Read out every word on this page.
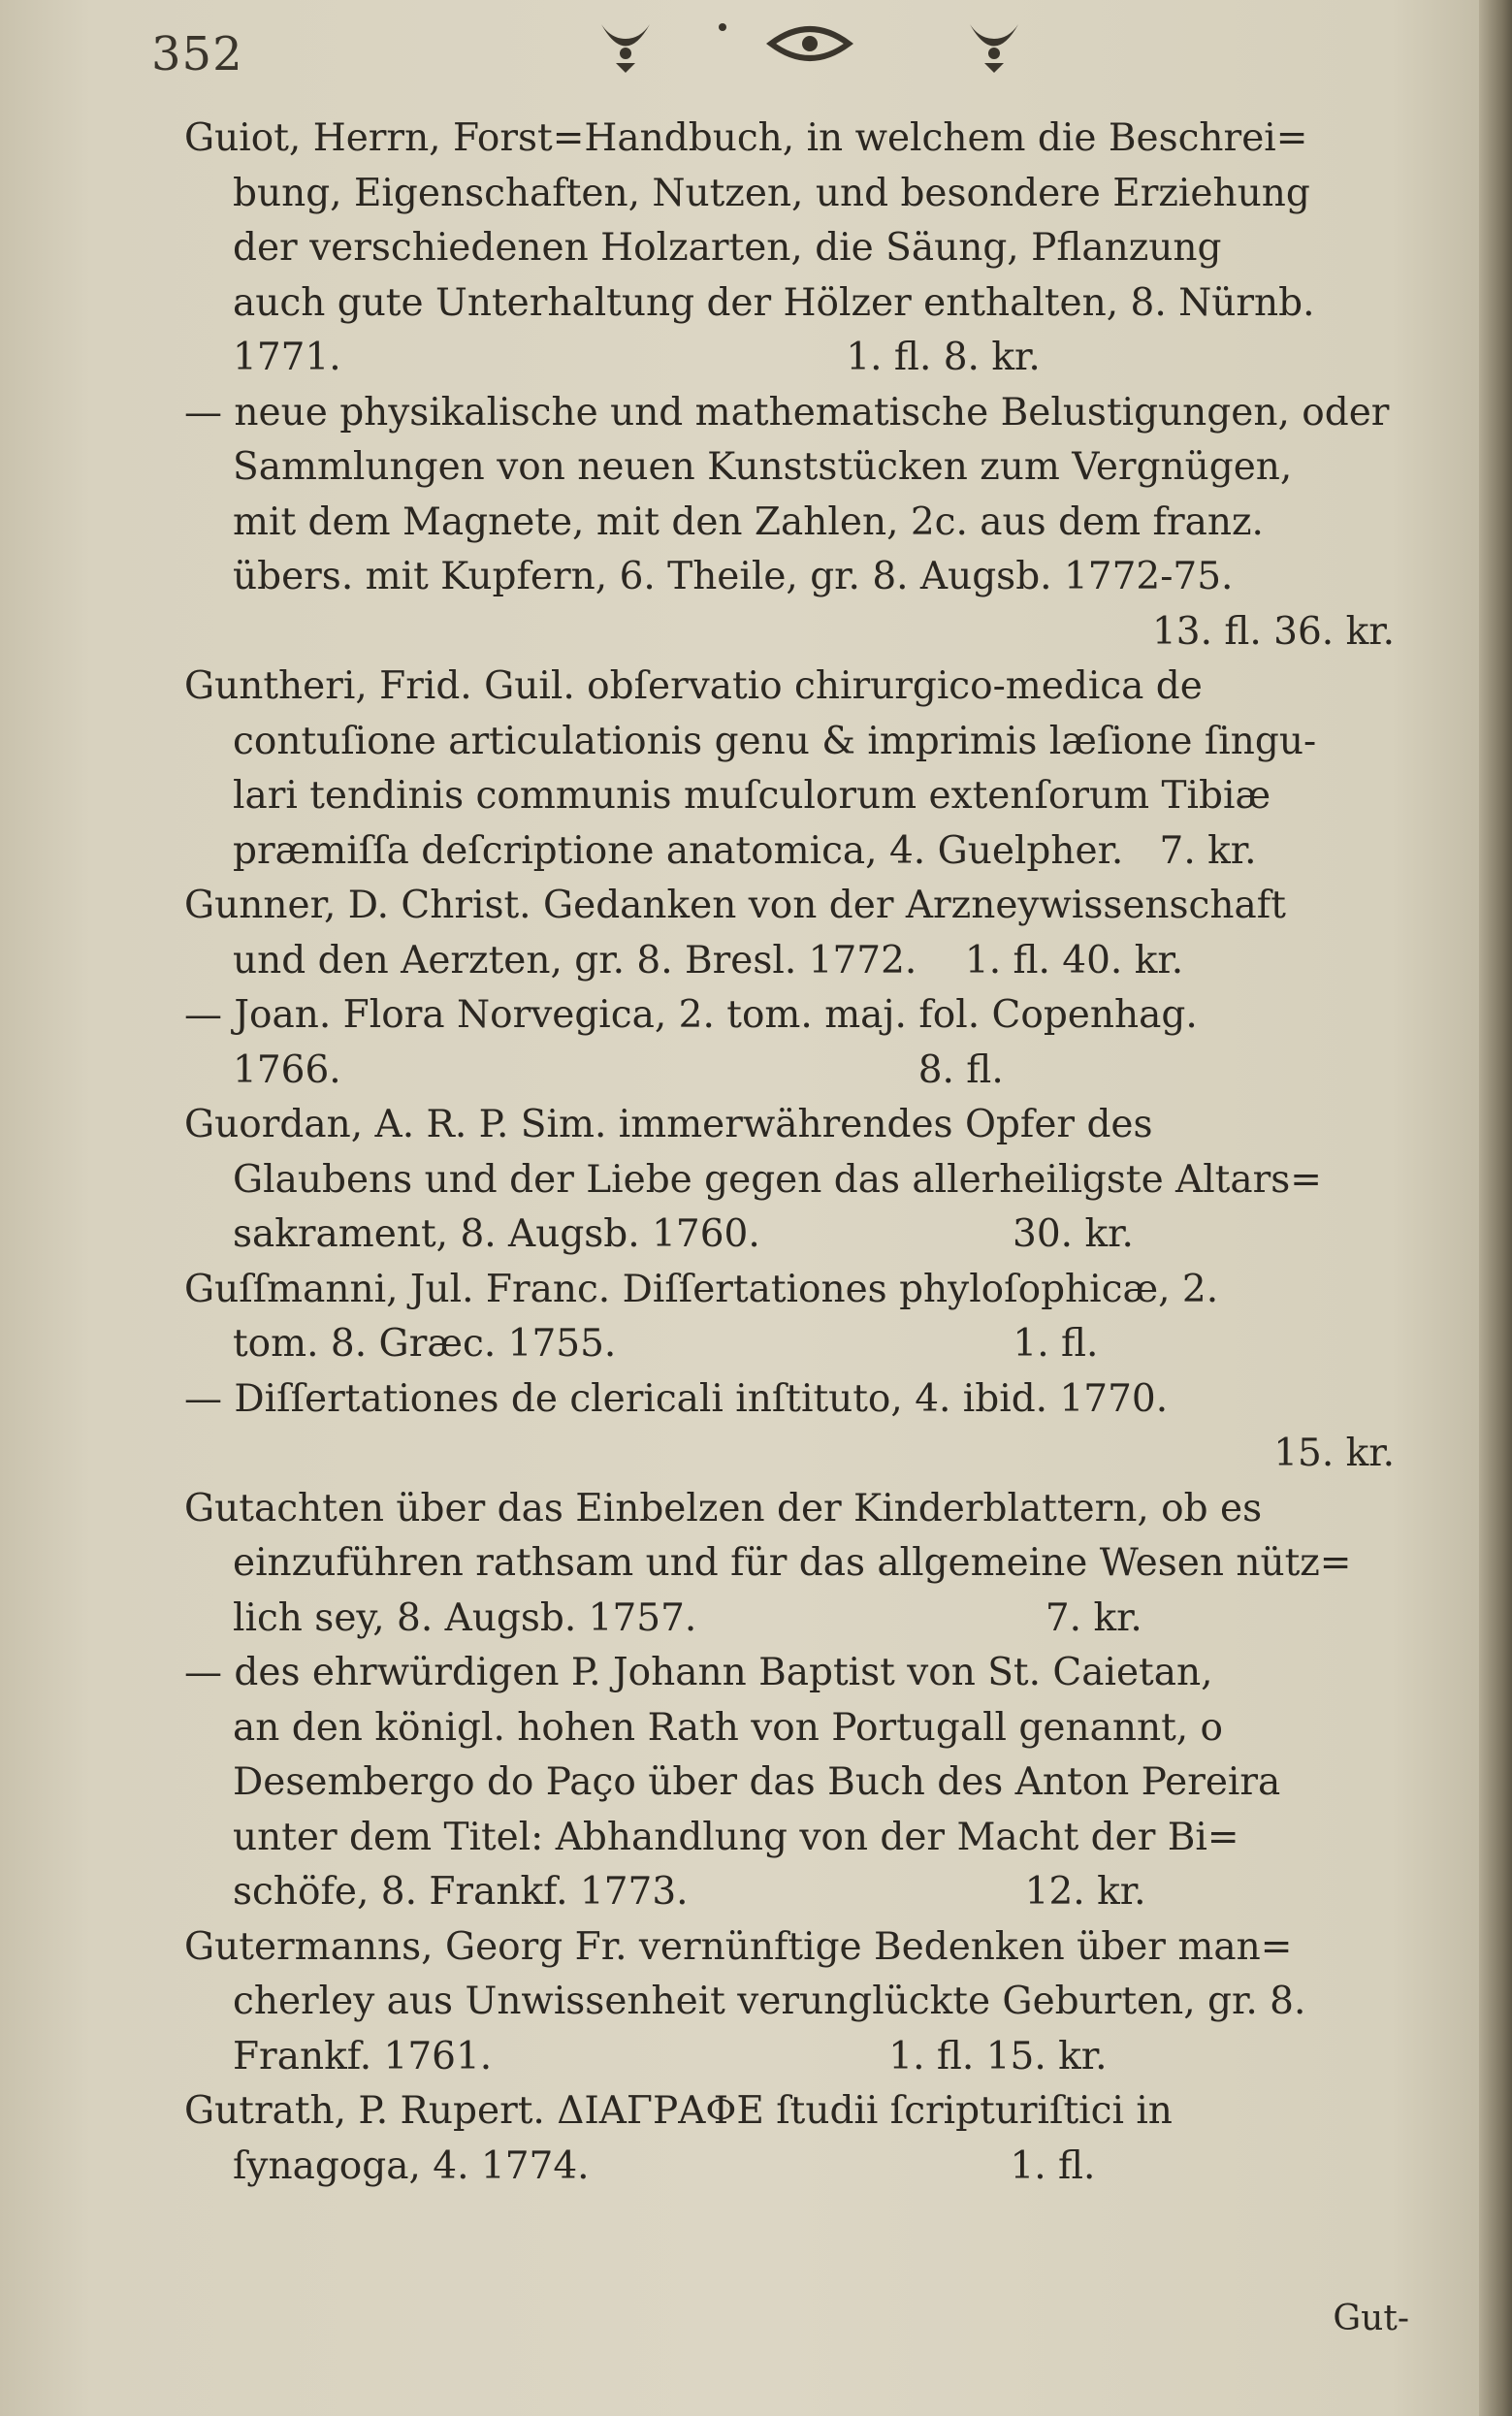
352
Guiot, Herrn, Forst=Handbuch, in welchem die Beschrei=
bung, Eigenschaften, Nutzen, und besondere Erziehung
der verschiedenen Holzarten, die Säung, Pflanzung
auch gute Unterhaltung der Hölzer enthalten, 8. Nürnb.
1771.                                          1. fl. 8. kr.
— neue physikalische und mathematische Belustigungen, oder
Sammlungen von neuen Kunststücken zum Vergnügen,
mit dem Magnete, mit den Zahlen, 2c. aus dem franz.
übers. mit Kupfern, 6. Theile, gr. 8. Augsb. 1772-75.
13. fl. 36. kr.
Guntheri, Frid. Guil. obſervatio chirurgico-medica de
contuſione articulationis genu & imprimis læſione ſingu-
lari tendinis communis muſculorum extenſorum Tibiæ
præmiſſa deſcriptione anatomica, 4. Guelpher.   7. kr.
Gunner, D. Christ. Gedanken von der Arzneywissenschaft
und den Aerzten, gr. 8. Bresl. 1772.    1. fl. 40. kr.
— Joan. Flora Norvegica, 2. tom. maj. fol. Copenhag.
1766.                                                8. fl.
Guordan, A. R. P. Sim. immerwährendes Opfer des
Glaubens und der Liebe gegen das allerheiligste Altars=
sakrament, 8. Augsb. 1760.                     30. kr.
Guſſmanni, Jul. Franc. Diſſertationes phyloſophicæ, 2.
tom. 8. Græc. 1755.                                 1. fl.
— Diſſertationes de clericali inſtituto, 4. ibid. 1770.
15. kr.
Gutachten über das Einbelzen der Kinderblattern, ob es
einzuführen rathsam und für das allgemeine Wesen nütz=
lich sey, 8. Augsb. 1757.                             7. kr.
— des ehrwürdigen P. Johann Baptist von St. Caietan,
an den königl. hohen Rath von Portugall genannt, o
Desembergo do Paço über das Buch des Anton Pereira
unter dem Titel: Abhandlung von der Macht der Bi=
schöfe, 8. Frankf. 1773.                            12. kr.
Gutermanns, Georg Fr. vernünftige Bedenken über man=
cherley aus Unwissenheit verunglückte Geburten, gr. 8.
Frankf. 1761.                                 1. fl. 15. kr.
Gutrath, P. Rupert. ΔΙΑΓΡΑΦΕ ſtudii ſcripturiſtici in
ſynagoga, 4. 1774.                                   1. fl.
Gut-
